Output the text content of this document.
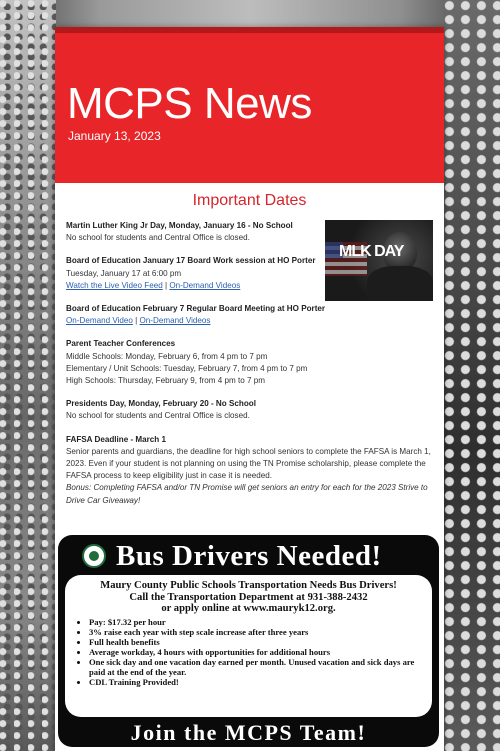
MCPS News
January 13, 2023
Important Dates
MLK DAY
Martin Luther King Jr Day, Monday, January 16 - No School
No school for students and Central Office is closed.
Board of Education January 17 Board Work session at HO Porter
Tuesday, January 17 at 6:00 pm
Watch the Live Video Feed | On-Demand Videos
Board of Education February 7 Regular Board Meeting at HO Porter
On-Demand Video | On-Demand Videos
Parent Teacher Conferences
Middle Schools: Monday, February 6, from 4 pm to 7 pm
Elementary / Unit Schools: Tuesday, February 7, from 4 pm to 7 pm
High Schools: Thursday, February 9, from 4 pm to 7 pm
Presidents Day, Monday, February 20 - No School
No school for students and Central Office is closed.
FAFSA Deadline - March 1
Senior parents and guardians, the deadline for high school seniors to complete the FAFSA is March 1, 2023. Even if your student is not planning on using the TN Promise scholarship, please complete the FAFSA process to keep eligibility just in case it is needed.
Bonus: Completing FAFSA and/or TN Promise will get seniors an entry for each for the 2023 Strive to Drive Car Giveaway!
Bus Drivers Needed!
Maury County Public Schools Transportation Needs Bus Drivers!
Call the Transportation Department at 931-388-2432
or apply online at www.mauryk12.org.
• Pay: $17.32 per hour
• 3% raise each year with step scale increase after three years
• Full health benefits
• Average workday, 4 hours with opportunities for additional hours
• One sick day and one vacation day earned per month. Unused vacation and sick days are paid at the end of the year.
• CDL Training Provided!
Join the MCPS Team!
